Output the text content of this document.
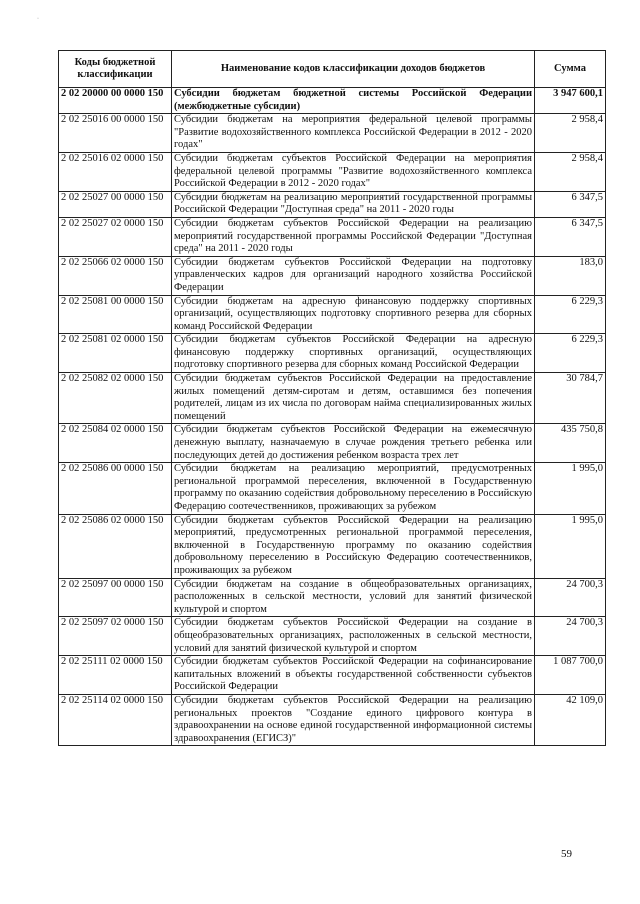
·
Коды бюджетной классификации	Наименование кодов классификации доходов бюджетов	Сумма
2 02 20000 00 0000 150	Субсидии бюджетам бюджетной системы Российской Федерации (межбюджетные субсидии)	3 947 600,1
2 02 25016 00 0000 150	Субсидии бюджетам на мероприятия федеральной целевой программы "Развитие водохозяйственного комплекса Российской Федерации в 2012 - 2020 годах"	2 958,4
2 02 25016 02 0000 150	Субсидии бюджетам субъектов Российской Федерации на мероприятия федеральной целевой программы "Развитие водохозяйственного комплекса Российской Федерации в 2012 - 2020 годах"	2 958,4
2 02 25027 00 0000 150	Субсидии бюджетам на реализацию мероприятий государственной программы Российской Федерации "Доступная среда" на 2011 - 2020 годы	6 347,5
2 02 25027 02 0000 150	Субсидии бюджетам субъектов Российской Федерации на реализацию мероприятий государственной программы Российской Федерации "Доступная среда" на 2011 - 2020 годы	6 347,5
2 02 25066 02 0000 150	Субсидии бюджетам субъектов Российской Федерации на подготовку управленческих кадров для организаций народного хозяйства Российской Федерации	183,0
2 02 25081 00 0000 150	Субсидии бюджетам на адресную финансовую поддержку спортивных организаций, осуществляющих подготовку спортивного резерва для сборных команд Российской Федерации	6 229,3
2 02 25081 02 0000 150	Субсидии бюджетам субъектов Российской Федерации на адресную финансовую поддержку спортивных организаций, осуществляющих подготовку спортивного резерва для сборных команд Российской Федерации	6 229,3
2 02 25082 02 0000 150	Субсидии бюджетам субъектов Российской Федерации на предоставление жилых помещений детям-сиротам и детям, оставшимся без попечения родителей, лицам из их числа по договорам найма специализированных жилых помещений	30 784,7
2 02 25084 02 0000 150	Субсидии бюджетам субъектов Российской Федерации на ежемесячную денежную выплату, назначаемую в случае рождения третьего ребенка или последующих детей до достижения ребенком возраста трех лет	435 750,8
2 02 25086 00 0000 150	Субсидии бюджетам на реализацию мероприятий, предусмотренных региональной программой переселения, включенной в Государственную программу по оказанию содействия добровольному переселению в Российскую Федерацию соотечественников, проживающих за рубежом	1 995,0
2 02 25086 02 0000 150	Субсидии бюджетам субъектов Российской Федерации на реализацию мероприятий, предусмотренных региональной программой переселения, включенной в Государственную программу по оказанию содействия добровольному переселению в Российскую Федерацию соотечественников, проживающих за рубежом	1 995,0
2 02 25097 00 0000 150	Субсидии бюджетам на создание в общеобразовательных организациях, расположенных в сельской местности, условий для занятий физической культурой и спортом	24 700,3
2 02 25097 02 0000 150	Субсидии бюджетам субъектов Российской Федерации на создание в общеобразовательных организациях, расположенных в сельской местности, условий для занятий физической культурой и спортом	24 700,3
2 02 25111 02 0000 150	Субсидии бюджетам субъектов Российской Федерации на софинансирование капитальных вложений в объекты государственной собственности субъектов Российской Федерации	1 087 700,0
2 02 25114 02 0000 150	Субсидии бюджетам субъектов Российской Федерации на реализацию региональных проектов "Создание единого цифрового контура в здравоохранении на основе единой государственной информационной системы здравоохранения (ЕГИСЗ)"	42 109,0
59
